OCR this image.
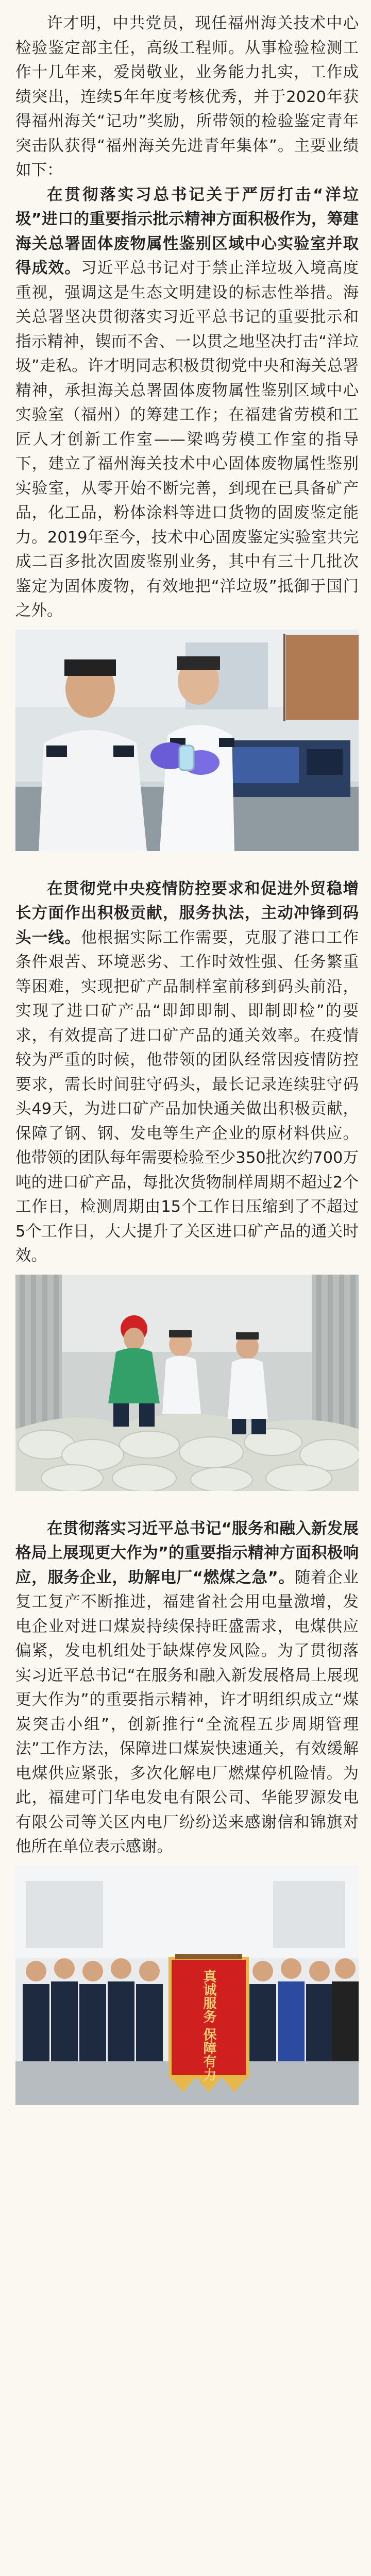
许才明，中共党员，现任福州海关技术中心检验鉴定部主任，高级工程师。从事检验检测工作十几年来，爱岗敬业，业务能力扎实，工作成绩突出，连续5年年度考核优秀，并于2020年获得福州海关“记功”奖励，所带领的检验鉴定青年突击队获得“福州海关先进青年集体”。主要业绩如下：

在贯彻落实习总书记关于严厉打击“洋垃圾”进口的重要指示批示精神方面积极作为，筹建海关总署固体废物属性鉴别区域中心实验室并取得成效。习近平总书记对于禁止洋垃圾入境高度重视，强调这是生态文明建设的标志性举措。海关总署坚决贯彻落实习近平总书记的重要批示和指示精神，锲而不舍、一以贯之地坚决打击“洋垃圾”走私。许才明同志积极贯彻党中央和海关总署精神，承担海关总署固体废物属性鉴别区域中心实验室（福州）的筹建工作；在福建省劳模和工匠人才创新工作室——梁鸣劳模工作室的指导下，建立了福州海关技术中心固体废物属性鉴别实验室，从零开始不断完善，到现在已具备矿产品，化工品，粉体涂料等进口货物的固废鉴定能力。2019年至今，技术中心固废鉴定实验室共完成二百多批次固废鉴别业务，其中有三十几批次鉴定为固体废物，有效地把“洋垃圾”抵御于国门之外。

在贯彻党中央疫情防控要求和促进外贸稳增长方面作出积极贡献，服务执法，主动冲锋到码头一线。他根据实际工作需要，克服了港口工作条件艰苦、环境恶劣、工作时效性强、任务繁重等困难，实现把矿产品制样室前移到码头前沿，实现了进口矿产品“即卸即制、即制即检”的要求，有效提高了进口矿产品的通关效率。在疫情较为严重的时候，他带领的团队经常因疫情防控要求，需长时间驻守码头，最长记录连续驻守码头49天，为进口矿产品加快通关做出积极贡献，保障了钢、钢、发电等生产企业的原材料供应。他带领的团队每年需要检验至少350批次约700万吨的进口矿产品，每批次货物制样周期不超过2个工作日，检测周期由15个工作日压缩到了不超过5个工作日，大大提升了关区进口矿产品的通关时效。

在贯彻落实习近平总书记“服务和融入新发展格局上展现更大作为”的重要指示精神方面积极响应，服务企业，助解电厂“燃煤之急”。随着企业复工复产不断推进，福建省社会用电量激增，发电企业对进口煤炭持续保持旺盛需求，电煤供应偏紧，发电机组处于缺煤停发风险。为了贯彻落实习近平总书记“在服务和融入新发展格局上展现更大作为”的重要指示精神，许才明组织成立“煤炭突击小组”，创新推行“全流程五步周期管理法”工作方法，保障进口煤炭快速通关，有效缓解电煤供应紧张，多次化解电厂燃煤停机险情。为此，福建可门华电发电有限公司、华能罗源发电有限公司等关区内电厂纷纷送来感谢信和锦旗对他所在单位表示感谢。

真诚服务 保障有力
